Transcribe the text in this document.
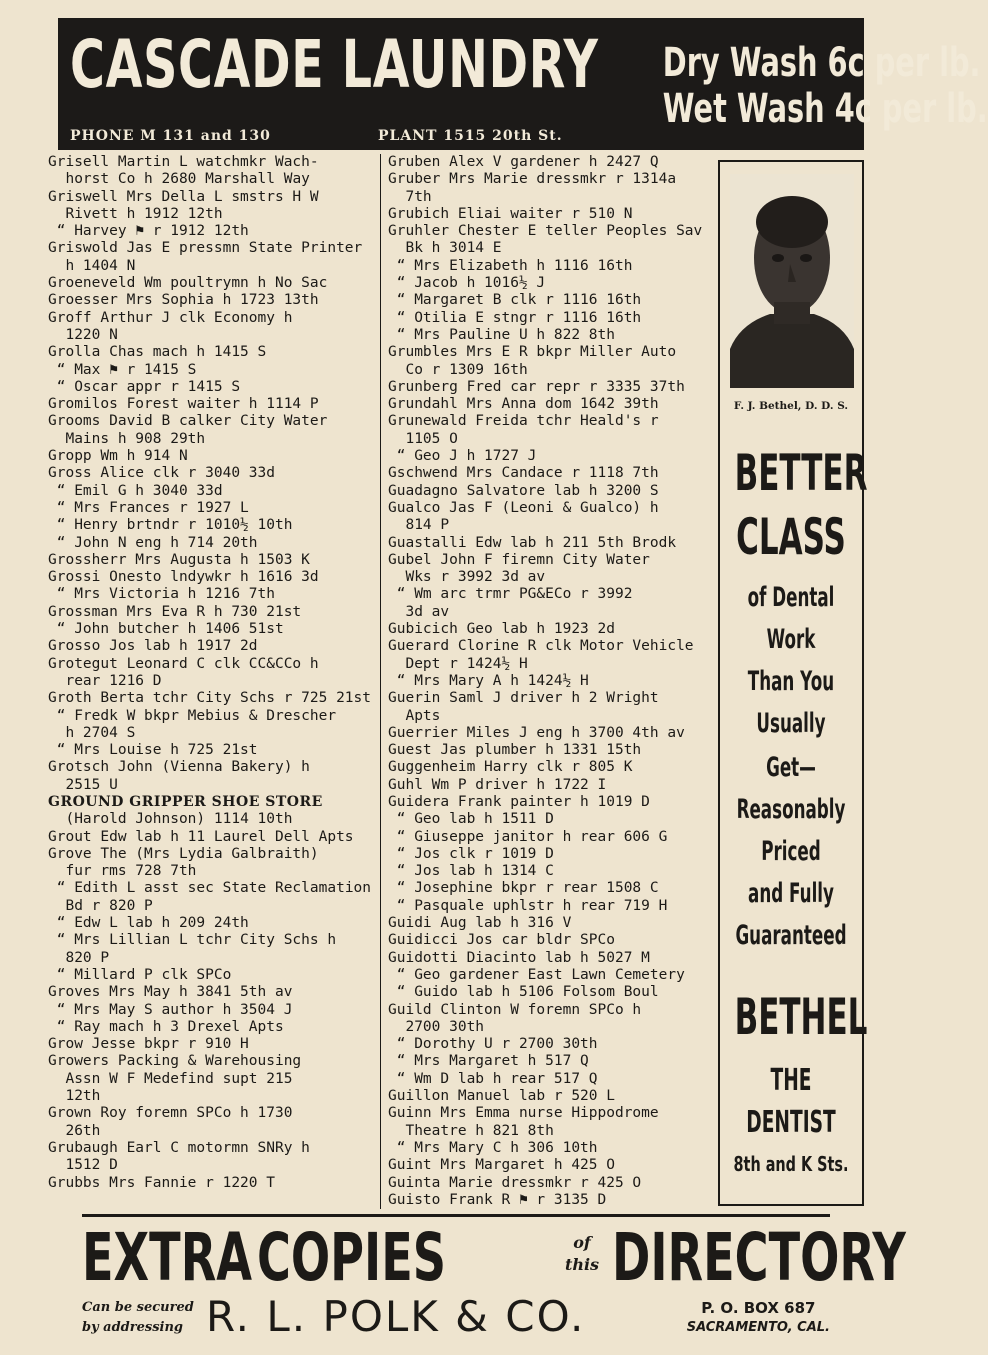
CASCADE LAUNDRY Dry Wash 6c per lb.
Wet Wash 4c per lb.
PHONE M 131 and 130	PLANT 1515 20th St.
Grisell Martin L watchmkr Wach-
horst Co h 2680 Marshall Way
Griswell Mrs Della L smstrs H W
Rivett h 1912 12th
“ Harvey ⚑ r 1912 12th
Griswold Jas E pressmn State Printer
h 1404 N
Groeneveld Wm poultrymn h No Sac
Groesser Mrs Sophia h 1723 13th
Groff Arthur J clk Economy h
1220 N
Grolla Chas mach h 1415 S
“ Max ⚑ r 1415 S
“ Oscar appr r 1415 S
Gromilos Forest waiter h 1114 P
Grooms David B calker City Water
Mains h 908 29th
Gropp Wm h 914 N
Gross Alice clk r 3040 33d
“ Emil G h 3040 33d
“ Mrs Frances r 1927 L
“ Henry brtndr r 1010½ 10th
“ John N eng h 714 20th
Grossherr Mrs Augusta h 1503 K
Grossi Onesto lndywkr h 1616 3d
“ Mrs Victoria h 1216 7th
Grossman Mrs Eva R h 730 21st
“ John butcher h 1406 51st
Grosso Jos lab h 1917 2d
Grotegut Leonard C clk CC&CCo h
rear 1216 D
Groth Berta tchr City Schs r 725 21st
“ Fredk W bkpr Mebius & Drescher
h 2704 S
“ Mrs Louise h 725 21st
Grotsch John (Vienna Bakery) h
2515 U
GROUND GRIPPER SHOE STORE
(Harold Johnson) 1114 10th
Grout Edw lab h 11 Laurel Dell Apts
Grove The (Mrs Lydia Galbraith)
fur rms 728 7th
“ Edith L asst sec State Reclamation
Bd r 820 P
“ Edw L lab h 209 24th
“ Mrs Lillian L tchr City Schs h
820 P
“ Millard P clk SPCo
Groves Mrs May h 3841 5th av
“ Mrs May S author h 3504 J
“ Ray mach h 3 Drexel Apts
Grow Jesse bkpr r 910 H
Growers Packing & Warehousing
Assn W F Medefind supt 215
12th
Grown Roy foremn SPCo h 1730
26th
Grubaugh Earl C motormn SNRy h
1512 D
Grubbs Mrs Fannie r 1220 T
Gruben Alex V gardener h 2427 Q
Gruber Mrs Marie dressmkr r 1314a
7th
Grubich Eliai waiter r 510 N
Gruhler Chester E teller Peoples Sav
Bk h 3014 E
“ Mrs Elizabeth h 1116 16th
“ Jacob h 1016½ J
“ Margaret B clk r 1116 16th
“ Otilia E stngr r 1116 16th
“ Mrs Pauline U h 822 8th
Grumbles Mrs E R bkpr Miller Auto
Co r 1309 16th
Grunberg Fred car repr r 3335 37th
Grundahl Mrs Anna dom 1642 39th
Grunewald Freida tchr Heald's r
1105 O
“ Geo J h 1727 J
Gschwend Mrs Candace r 1118 7th
Guadagno Salvatore lab h 3200 S
Gualco Jas F (Leoni & Gualco) h
814 P
Guastalli Edw lab h 211 5th Brodk
Gubel John F firemn City Water
Wks r 3992 3d av
“ Wm arc trmr PG&ECo r 3992
3d av
Gubicich Geo lab h 1923 2d
Guerard Clorine R clk Motor Vehicle
Dept r 1424½ H
“ Mrs Mary A h 1424½ H
Guerin Saml J driver h 2 Wright
Apts
Guerrier Miles J eng h 3700 4th av
Guest Jas plumber h 1331 15th
Guggenheim Harry clk r 805 K
Guhl Wm P driver h 1722 I
Guidera Frank painter h 1019 D
“ Geo lab h 1511 D
“ Giuseppe janitor h rear 606 G
“ Jos clk r 1019 D
“ Jos lab h 1314 C
“ Josephine bkpr r rear 1508 C
“ Pasquale uphlstr h rear 719 H
Guidi Aug lab h 316 V
Guidicci Jos car bldr SPCo
Guidotti Diacinto lab h 5027 M
“ Geo gardener East Lawn Cemetery
“ Guido lab h 5106 Folsom Boul
Guild Clinton W foremn SPCo h
2700 30th
“ Dorothy U r 2700 30th
“ Mrs Margaret h 517 Q
“ Wm D lab h rear 517 Q
Guillon Manuel lab r 520 L
Guinn Mrs Emma nurse Hippodrome
Theatre h 821 8th
“ Mrs Mary C h 306 10th
Guint Mrs Margaret h 425 O
Guinta Marie dressmkr r 425 O
Guisto Frank R ⚑ r 3135 D
F. J. Bethel, D. D. S.
BETTER
CLASS
of Dental
Work
Than You
Usually
Get—
Reasonably
Priced
and Fully
Guaranteed
BETHEL
THE
DENTIST
8th and K Sts.
EXTRA COPIES	of
this DIRECTORY
Can be secured
by addressing R. L. POLK & CO.	P. O. BOX 687
SACRAMENTO, CAL.
